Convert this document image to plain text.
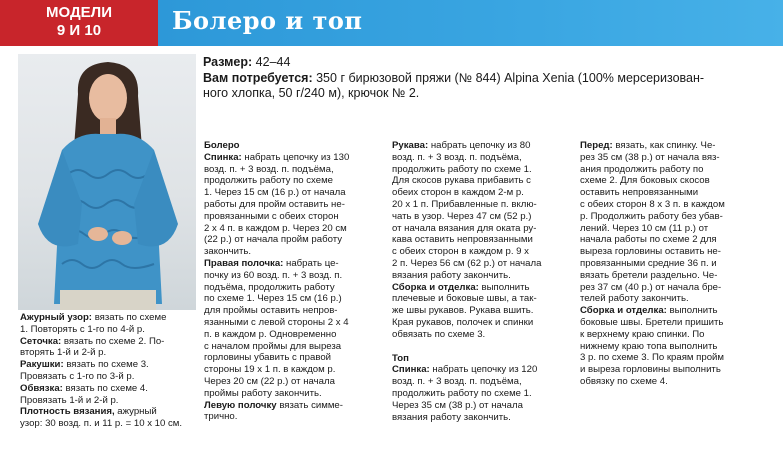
МОДЕЛИ
9 И 10	Болеро и топ

Размер: 42–44

Вам потребуется: 350 г бирюзовой пряжи (№ 844) Alpina Xenia (100% мерсеризован-

ного хлопка, 50 г/240 м), крючок № 2.

Ажурный узор: вязать по схеме

1. Повторять с 1-го по 4-й р.

Сеточка: вязать по схеме 2. По-

вторять 1-й и 2-й р.

Ракушки: вязать по схеме 3.

Провязать с 1-го по 3-й р.

Обвязка: вязать по схеме 4.

Провязать 1-й и 2-й р.

Плотность вязания, ажурный

узор: 30 возд. п. и 11 р. = 10 х 10 см.

Болеро

Спинка: набрать цепочку из 130

возд. п. + 3 возд. п. подъёма,

продолжить работу по схеме

1. Через 15 см (16 р.) от начала

работы для пройм оставить не-

провязанными с обеих сторон

2 х 4 п. в каждом р. Через 20 см

(22 р.) от начала пройм работу

закончить.

Правая полочка: набрать це-

почку из 60 возд. п. + 3 возд. п.

подъёма, продолжить работу

по схеме 1. Через 15 см (16 р.)

для проймы оставить непров-

язанными с левой стороны 2 х 4

п. в каждом р. Одновременно

с началом проймы для выреза

горловины убавить с правой

стороны 19 х 1 п. в каждом р.

Через 20 см (22 р.) от начала

проймы работу закончить.

Левую полочку вязать симме-

трично.

Рукава: набрать цепочку из 80

возд. п. + 3 возд. п. подъёма,

продолжить работу по схеме 1.

Для скосов рукава прибавить с

обеих сторон в каждом 2-м р.

20 х 1 п. Прибавленные п. вклю-

чать в узор. Через 47 см (52 р.)

от начала вязания для оката ру-

кава оставить непровязанными

с обеих сторон в каждом р. 9 х

2 п. Через 56 см (62 р.) от начала

вязания работу закончить.

Сборка и отделка: выполнить

плечевые и боковые швы, а так-

же швы рукавов. Рукава вшить.

Края рукавов, полочек и спинки

обвязать по схеме 3.

Топ

Спинка: набрать цепочку из 120

возд. п. + 3 возд. п. подъёма,

продолжить работу по схеме 1.

Через 35 см (38 р.) от начала

вязания работу закончить.

Перед: вязать, как спинку. Че-

рез 35 см (38 р.) от начала вяз-

ания продолжить работу по

схеме 2. Для боковых скосов

оставить непровязанными

с обеих сторон 8 х 3 п. в каждом

р. Продолжить работу без убав-

лений. Через 10 см (11 р.) от

начала работы по схеме 2 для

выреза горловины оставить не-

провязанными средние 36 п. и

вязать бретели раздельно. Че-

рез 37 см (40 р.) от начала бре-

телей работу закончить.

Сборка и отделка: выполнить

боковые швы. Бретели пришить

к верхнему краю спинки. По

нижнему краю топа выполнить

3 р. по схеме 3. По краям пройм

и выреза горловины выполнить

обвязку по схеме 4.
